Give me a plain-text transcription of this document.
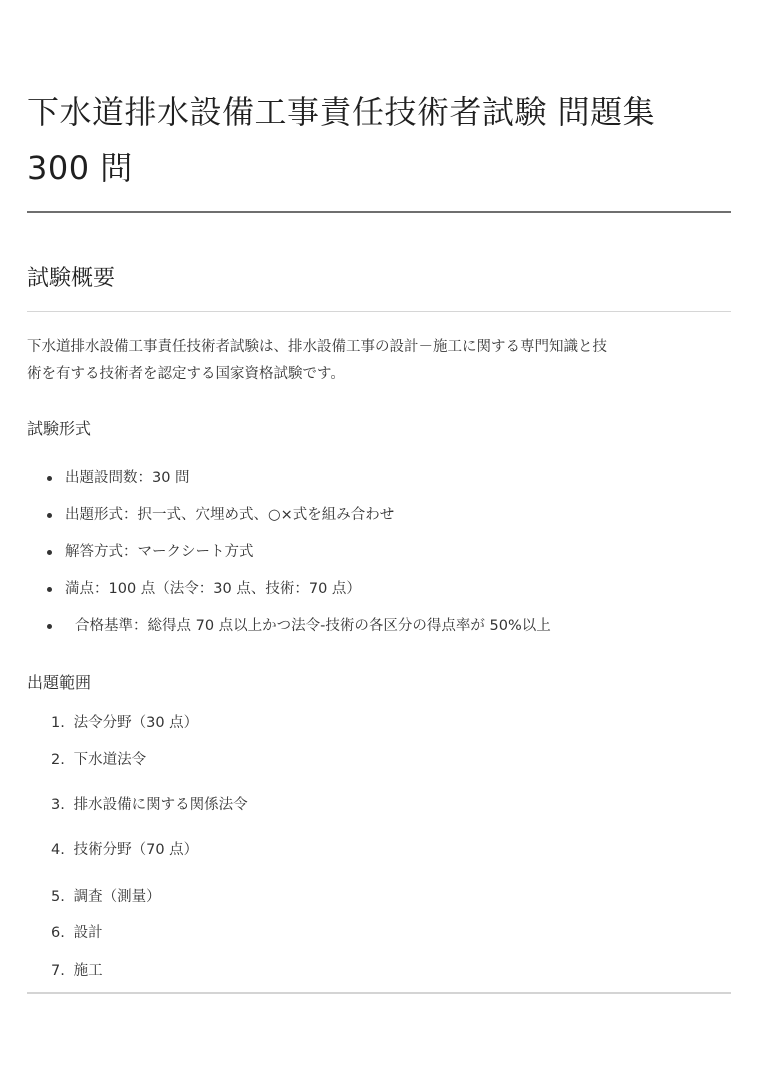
下水道排水設備工事責任技術者試験 問題集
300 問
試験概要

下水道排水設備工事責任技術者試験は、排水設備工事の設計－施工に関する専門知識と技
術を有する技術者を認定する国家資格試験です。

試験形式
出題設問数：30 問
出題形式：択一式、穴埋め式、○×式を組み合わせ
解答方式：マークシート方式
満点：100 点（法令：30 点、技術：70 点）
合格基準：総得点 70 点以上かつ法令-技術の各区分の得点率が 50%以上
出題範囲
1. 法令分野（30 点）
2. 下水道法令
3. 排水設備に関する関係法令
4. 技術分野（70 点）
5. 調査（測量）
6. 設計
7. 施工
